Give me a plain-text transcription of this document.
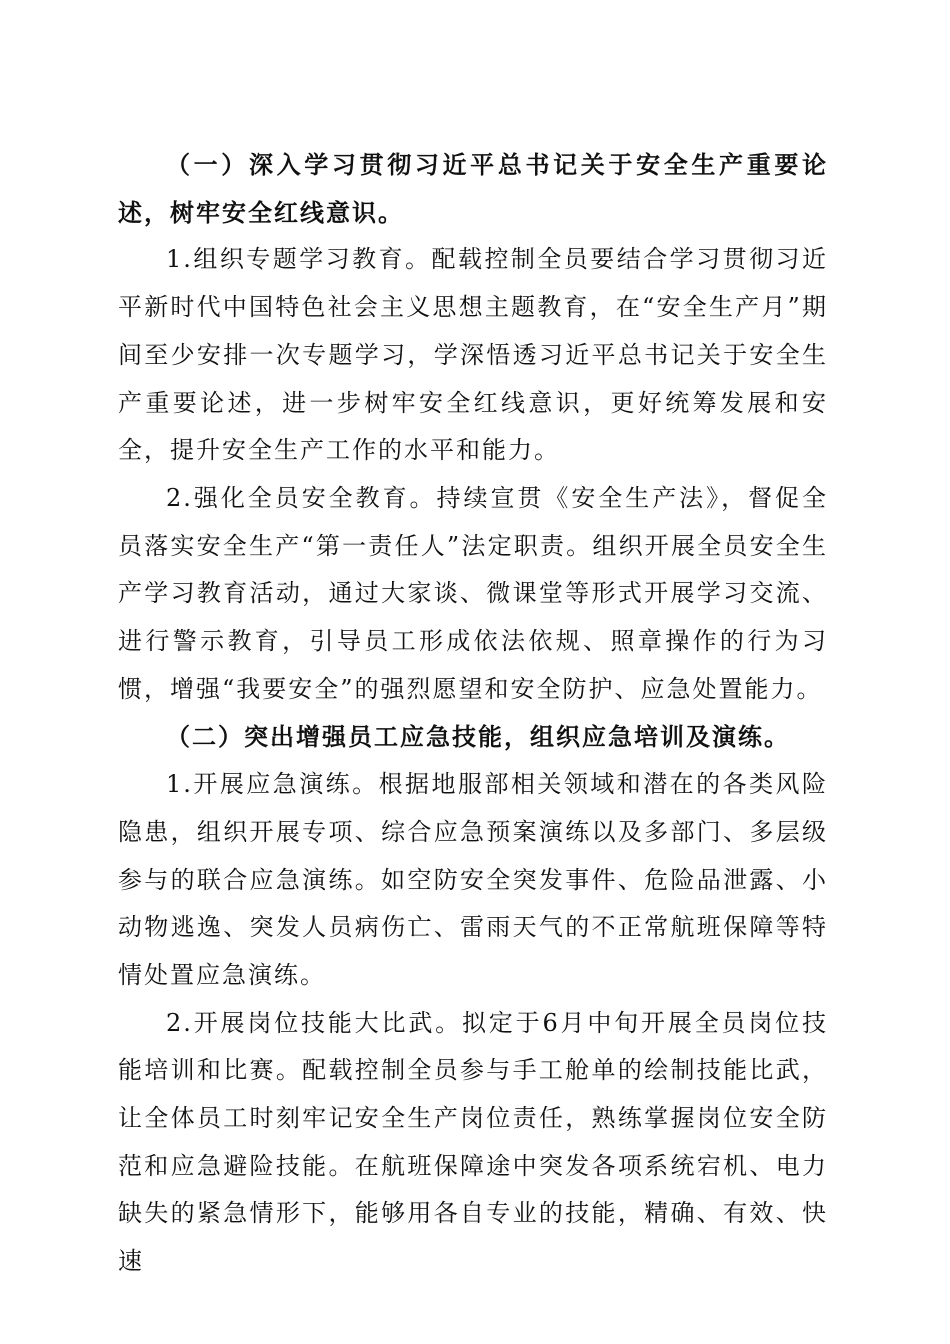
（一）深入学习贯彻习近平总书记关于安全生产重要论述，树牢安全红线意识。

1.组织专题学习教育。配载控制全员要结合学习贯彻习近平新时代中国特色社会主义思想主题教育，在“安全生产月”期间至少安排一次专题学习，学深悟透习近平总书记关于安全生产重要论述，进一步树牢安全红线意识，更好统筹发展和安全，提升安全生产工作的水平和能力。

2.强化全员安全教育。持续宣贯《安全生产法》，督促全员落实安全生产“第一责任人”法定职责。组织开展全员安全生产学习教育活动，通过大家谈、微课堂等形式开展学习交流、进行警示教育，引导员工形成依法依规、照章操作的行为习惯，增强“我要安全”的强烈愿望和安全防护、应急处置能力。

（二）突出增强员工应急技能，组织应急培训及演练。

1.开展应急演练。根据地服部相关领域和潜在的各类风险隐患，组织开展专项、综合应急预案演练以及多部门、多层级参与的联合应急演练。如空防安全突发事件、危险品泄露、小动物逃逸、突发人员病伤亡、雷雨天气的不正常航班保障等特情处置应急演练。

2.开展岗位技能大比武。拟定于6月中旬开展全员岗位技能培训和比赛。配载控制全员参与手工舱单的绘制技能比武，让全体员工时刻牢记安全生产岗位责任，熟练掌握岗位安全防范和应急避险技能。在航班保障途中突发各项系统宕机、电力缺失的紧急情形下，能够用各自专业的技能，精确、有效、快速
